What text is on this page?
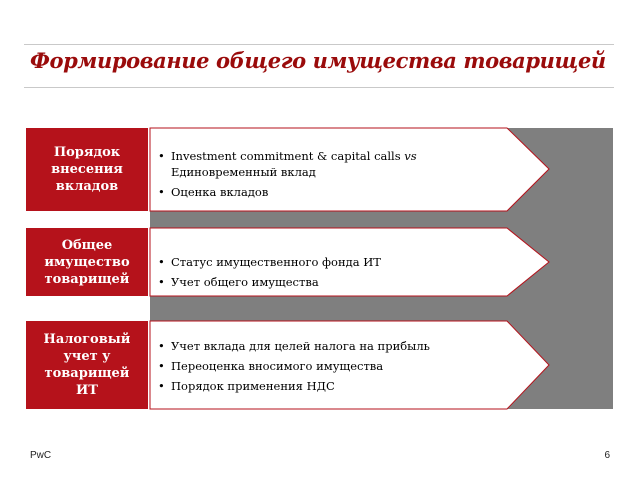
Формирование общего имущества товарищей
Порядок внесения вкладов
• Investment commitment & capital calls vs
Единовременный вклад
• Оценка вкладов
Общее имущество товарищей
• Статус имущественного фонда ИТ
• Учет общего имущества
Налоговый учет у товарищей ИТ
• Учет вклада для целей налога на прибыль
• Переоценка вносимого имущества
• Порядок применения НДС
PwC	6
